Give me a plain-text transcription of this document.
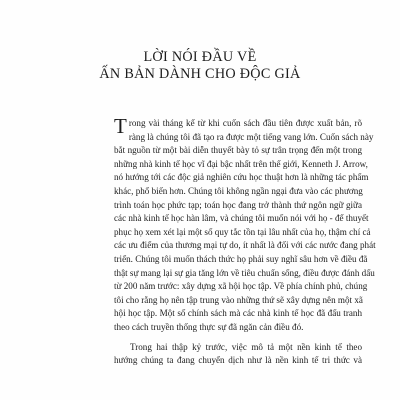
LỜI NÓI ĐẦU VỀ
ẤN BẢN DÀNH CHO ĐỘC GIẢ
T rong vài tháng kể từ khi cuốn sách đầu tiên được xuất bản, rõ
ràng là chúng tôi đã tạo ra được một tiếng vang lớn. Cuốn sách này
bắt nguồn từ một bài diễn thuyết bày tỏ sự trân trọng đến một trong
những nhà kinh tế học vĩ đại bậc nhất trên thế giới, Kenneth J. Arrow,
nó hướng tới các độc giả nghiên cứu học thuật hơn là những tác phẩm
khác, phổ biến hơn. Chúng tôi không ngần ngại đưa vào các phương
trình toán học phức tạp; toán học đang trở thành thứ ngôn ngữ giữa
các nhà kinh tế học hàn lâm, và chúng tôi muốn nói với họ - để thuyết
phục họ xem xét lại một số quy tắc tồn tại lâu nhất của họ, thậm chí cả
các ưu điểm của thương mại tự do, ít nhất là đối với các nước đang phát
triển. Chúng tôi muốn thách thức họ phải suy nghĩ sâu hơn về điều đã
thật sự mang lại sự gia tăng lớn về tiêu chuẩn sống, điều được đánh dấu
từ 200 năm trước: xây dựng xã hội học tập. Về phía chính phủ, chúng
tôi cho rằng họ nên tập trung vào những thứ sẽ xây dựng nên một xã
hội học tập. Một số chính sách mà các nhà kinh tế học đã đấu tranh
theo cách truyền thống thực sự đã ngăn cản điều đó.
Trong hai thập kỷ trước, việc mô tả một nền kinh tế theo
hướng chúng ta đang chuyển dịch như là nền kinh tế tri thức và
